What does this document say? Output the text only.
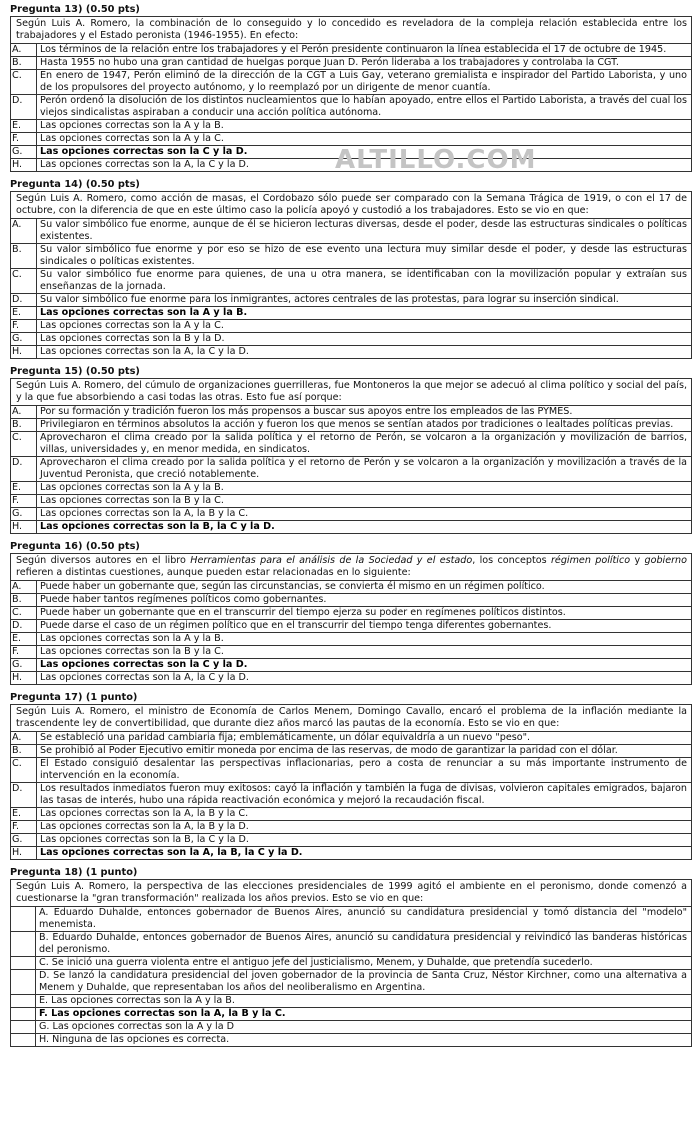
Pregunta 13) (0.50 pts)
Según Luis A. Romero, la combinación de lo conseguido y lo concedido es reveladora de la compleja relación establecida entre los trabajadores y el Estado peronista (1946-1955). En efecto:
A.	Los términos de la relación entre los trabajadores y el Perón presidente continuaron la línea establecida el 17 de octubre de 1945.
B.	Hasta 1955 no hubo una gran cantidad de huelgas porque Juan D. Perón lideraba a los trabajadores y controlaba la CGT.
C.	En enero de 1947, Perón eliminó de la dirección de la CGT a Luis Gay, veterano gremialista e inspirador del Partido Laborista, y uno de los propulsores del proyecto autónomo, y lo reemplazó por un dirigente de menor cuantía.
D.	Perón ordenó la disolución de los distintos nucleamientos que lo habían apoyado, entre ellos el Partido Laborista, a través del cual los viejos sindicalistas aspiraban a conducir una acción política autónoma.
E.	Las opciones correctas son la A y la B.
F.	Las opciones correctas son la A y la C.
G.	Las opciones correctas son la C y la D.
H.	Las opciones correctas son la A, la C y la D.
Pregunta 14) (0.50 pts)
Según Luis A. Romero, como acción de masas, el Cordobazo sólo puede ser comparado con la Semana Trágica de 1919, o con el 17 de octubre, con la diferencia de que en este último caso la policía apoyó y custodió a los trabajadores. Esto se vio en que:
A.	Su valor simbólico fue enorme, aunque de él se hicieron lecturas diversas, desde el poder, desde las estructuras sindicales o políticas existentes.
B.	Su valor simbólico fue enorme y por eso se hizo de ese evento una lectura muy similar desde el poder, y desde las estructuras sindicales o políticas existentes.
C.	Su valor simbólico fue enorme para quienes, de una u otra manera, se identificaban con la movilización popular y extraían sus enseñanzas de la jornada.
D.	Su valor simbólico fue enorme para los inmigrantes, actores centrales de las protestas, para lograr su inserción sindical.
E.	Las opciones correctas son la A y la B.
F.	Las opciones correctas son la A y la C.
G.	Las opciones correctas son la B y la D.
H.	Las opciones correctas son la A, la C y la D.
Pregunta 15) (0.50 pts)
Según Luis A. Romero, del cúmulo de organizaciones guerrilleras, fue Montoneros la que mejor se adecuó al clima político y social del país, y la que fue absorbiendo a casi todas las otras. Esto fue así porque:
A.	Por su formación y tradición fueron los más propensos a buscar sus apoyos entre los empleados de las PYMES.
B.	Privilegiaron en términos absolutos la acción y fueron los que menos se sentían atados por tradiciones o lealtades políticas previas.
C.	Aprovecharon el clima creado por la salida política y el retorno de Perón, se volcaron a la organización y movilización de barrios, villas, universidades y, en menor medida, en sindicatos.
D.	Aprovecharon el clima creado por la salida política y el retorno de Perón y se volcaron a la organización y movilización a través de la Juventud Peronista, que creció notablemente.
E.	Las opciones correctas son la A y la B.
F.	Las opciones correctas son la B y la C.
G.	Las opciones correctas son la A, la B y la C.
H.	Las opciones correctas son la B, la C y la D.
Pregunta 16) (0.50 pts)
Según diversos autores en el libro Herramientas para el análisis de la Sociedad y el estado, los conceptos régimen político y gobierno refieren a distintas cuestiones, aunque pueden estar relacionadas en lo siguiente:
A.	Puede haber un gobernante que, según las circunstancias, se convierta él mismo en un régimen político.
B.	Puede haber tantos regímenes políticos como gobernantes.
C.	Puede haber un gobernante que en el transcurrir del tiempo ejerza su poder en regímenes políticos distintos.
D.	Puede darse el caso de un régimen político que en el transcurrir del tiempo tenga diferentes gobernantes.
E.	Las opciones correctas son la A y la B.
F.	Las opciones correctas son la B y la C.
G.	Las opciones correctas son la C y la D.
H.	Las opciones correctas son la A, la C y la D.
Pregunta 17) (1 punto)
Según Luis A. Romero, el ministro de Economía de Carlos Menem, Domingo Cavallo, encaró el problema de la inflación mediante la trascendente ley de convertibilidad, que durante diez años marcó las pautas de la economía. Esto se vio en que:
A.	Se estableció una paridad cambiaria fija; emblemáticamente, un dólar equivaldría a un nuevo "peso".
B.	Se prohibió al Poder Ejecutivo emitir moneda por encima de las reservas, de modo de garantizar la paridad con el dólar.
C.	El Estado consiguió desalentar las perspectivas inflacionarias, pero a costa de renunciar a su más importante instrumento de intervención en la economía.
D.	Los resultados inmediatos fueron muy exitosos: cayó la inflación y también la fuga de divisas, volvieron capitales emigrados, bajaron las tasas de interés, hubo una rápida reactivación económica y mejoró la recaudación fiscal.
E.	Las opciones correctas son la A, la B y la C.
F.	Las opciones correctas son la A, la B y la D.
G.	Las opciones correctas son la B, la C y la D.
H.	Las opciones correctas son la A, la B, la C y la D.
Pregunta 18) (1 punto)
Según Luis A. Romero, la perspectiva de las elecciones presidenciales de 1999 agitó el ambiente en el peronismo, donde comenzó a cuestionarse la "gran transformación" realizada los años previos. Esto se vio en que:
A. Eduardo Duhalde, entonces gobernador de Buenos Aires, anunció su candidatura presidencial y tomó distancia del "modelo" menemista.
B. Eduardo Duhalde, entonces gobernador de Buenos Aires, anunció su candidatura presidencial y reivindicó las banderas históricas del peronismo.
C. Se inició una guerra violenta entre el antiguo jefe del justicialismo, Menem, y Duhalde, que pretendía sucederlo.
D. Se lanzó la candidatura presidencial del joven gobernador de la provincia de Santa Cruz, Néstor Kirchner, como una alternativa a Menem y Duhalde, que representaban los años del neoliberalismo en Argentina.
E. Las opciones correctas son la A y la B.
F. Las opciones correctas son la A, la B y la C.
G. Las opciones correctas son la A y la D
H. Ninguna de las opciones es correcta.
ALTILLO.COM
